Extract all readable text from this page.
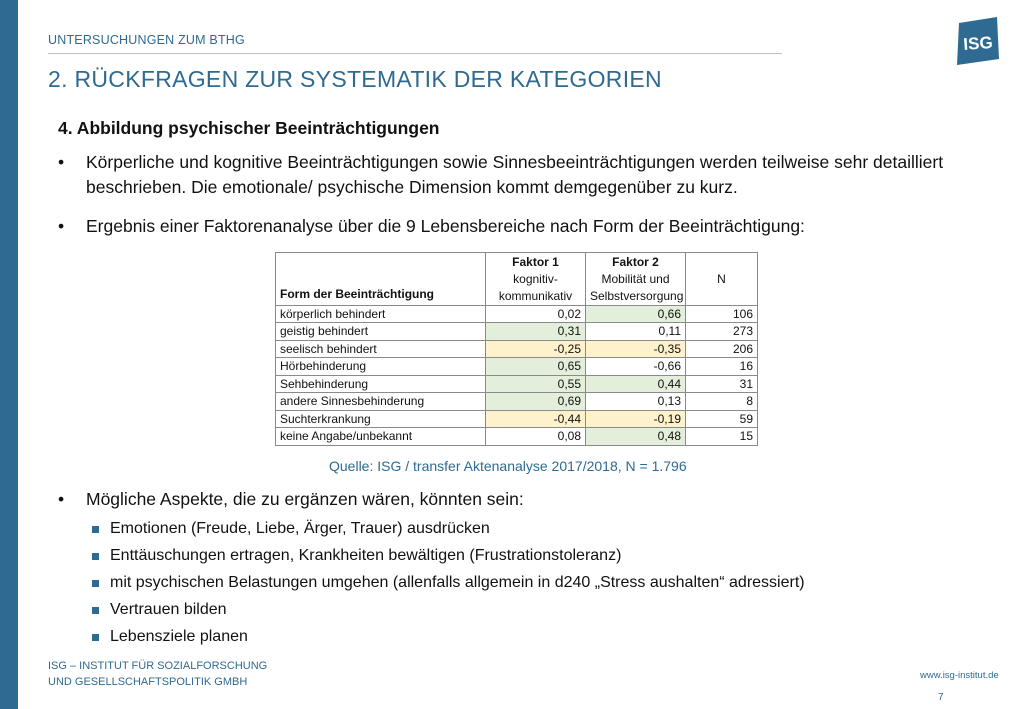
UNTERSUCHUNGEN ZUM BTHG
2. RÜCKFRAGEN ZUR SYSTEMATIK DER KATEGORIEN
ISG
4. Abbildung psychischer Beeinträchtigungen
• Körperliche und kognitive Beeinträchtigungen sowie Sinnesbeeinträchtigungen werden teilweise sehr detailliert beschrieben. Die emotionale/ psychische Dimension kommt demgegenüber zu kurz.
• Ergebnis einer Faktorenanalyse über die 9 Lebensbereiche nach Form der Beeinträchtigung:
Form der Beeinträchtigung	Faktor 1	Faktor 2	
	kognitiv-	Mobilität und	N
	kommunikativ	Selbstversorgung	
körperlich behindert	0,02	0,66	106
geistig behindert	0,31	0,11	273
seelisch behindert	-0,25	-0,35	206
Hörbehinderung	0,65	-0,66	16
Sehbehinderung	0,55	0,44	31
andere Sinnesbehinderung	0,69	0,13	8
Suchterkrankung	-0,44	-0,19	59
keine Angabe/unbekannt	0,08	0,48	15
Quelle: ISG / transfer Aktenanalyse 2017/2018, N = 1.796
• Mögliche Aspekte, die zu ergänzen wären, könnten sein:
Emotionen (Freude, Liebe, Ärger, Trauer) ausdrücken
Enttäuschungen ertragen, Krankheiten bewältigen (Frustrationstoleranz)
mit psychischen Belastungen umgehen (allenfalls allgemein in d240 „Stress aushalten“ adressiert)
Vertrauen bilden
Lebensziele planen
ISG – INSTITUT FÜR SOZIALFORSCHUNG
UND GESELLSCHAFTSPOLITIK GMBH
www.isg-institut.de
7
